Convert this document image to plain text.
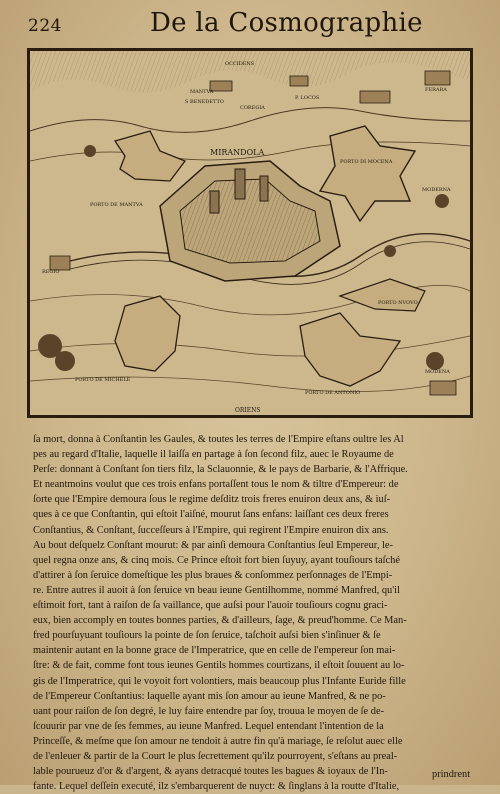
224	De la Cosmographie
OCCIDENS
MANTVA
S BENEDETTO
COREGIA
P. LOCOS
FERARA
MIRANDOLA
PORTO DE MANTVA
PORTO DI MOCENA
MODERNA
REGIO
PORTO NVOVO
PORTO DE MICHELE
PORTO DE ANTONIO
MODENA
ORIENS
ſa mort, donna à Conſtantin les Gaules, & toutes les terres de l'Empire eſtans oultre les Al
pes au regard d'Italie, laquelle il laiſſa en partage à ſon ſecond filz, auec le Royaume de
Perſe: donnant à Conſtant ſon tiers filz, la Sclauonnie, & le pays de Barbarie, & l'Affrique.
Et neantmoins voulut que ces trois enfans portaſſent tous le nom & tiltre d'Empereur: de
ſorte que l'Empire demoura ſous le regime deſditz trois freres enuiron deux ans, & iuſ-
ques à ce que Conſtantin, qui eſtoit l'aiſné, mourut ſans enfans: laiſſant ces deux freres
Conſtantius, & Conſtant, ſucceſſeurs à l'Empire, qui regirent l'Empire enuiron dix ans.
Au bout deſquelz Conſtant mourut: & par ainſi demoura Conſtantius ſeul Empereur, le-
quel regna onze ans, & cinq mois. Ce Prince eſtoit fort bien ſuyuy, ayant touſiours taſché
d'attirer à ſon ſeruice domeſtique les plus braues & conſommez perſonnages de l'Empi-
re. Entre autres il auoit à ſon ſeruice vn beau ieune Gentilhomme, nommé Manfred, qu'il
eſtimoit fort, tant à raiſon de ſa vaillance, que auſsi pour l'auoir touſiours cognu graci-
eux, bien accomply en toutes bonnes parties, & d'ailleurs, ſage, & preud'homme. Ce Man-
fred pourſuyuant touſiours la pointe de ſon ſeruice, taſchoit auſsi bien s'inſinuer & ſe
maintenir autant en la bonne grace de l'Imperatrice, que en celle de l'empereur ſon mai-
ſtre: & de fait, comme font tous ieunes Gentils hommes courtizans, il eſtoit ſouuent au lo-
gis de l'Imperatrice, qui le voyoit fort volontiers, mais beaucoup plus l'Infante Euride fille
de l'Empereur Conſtantius: laquelle ayant mis ſon amour au ieune Manfred, & ne po-
uant pour raiſon de ſon degré, le luy faire entendre par ſoy, trouua le moyen de ſe de-
ſcouurir par vne de ſes femmes, au ieune Manfred. Lequel entendant l'intention de la
Princeſſe, & meſme que ſon amour ne tendoit à autre fin qu'à mariage, ſe reſolut auec elle
de l'enleuer & partir de la Court le plus ſecrettement qu'ilz pourroyent, s'eſtans au preal-
lable pourueuz d'or & d'argent, & ayans detracqué toutes les bagues & ioyaux de l'In-
fante. Lequel deſſein executé, ilz s'embarquerent de nuyct: & ſinglans à la routte d'Italie,
prindrent
